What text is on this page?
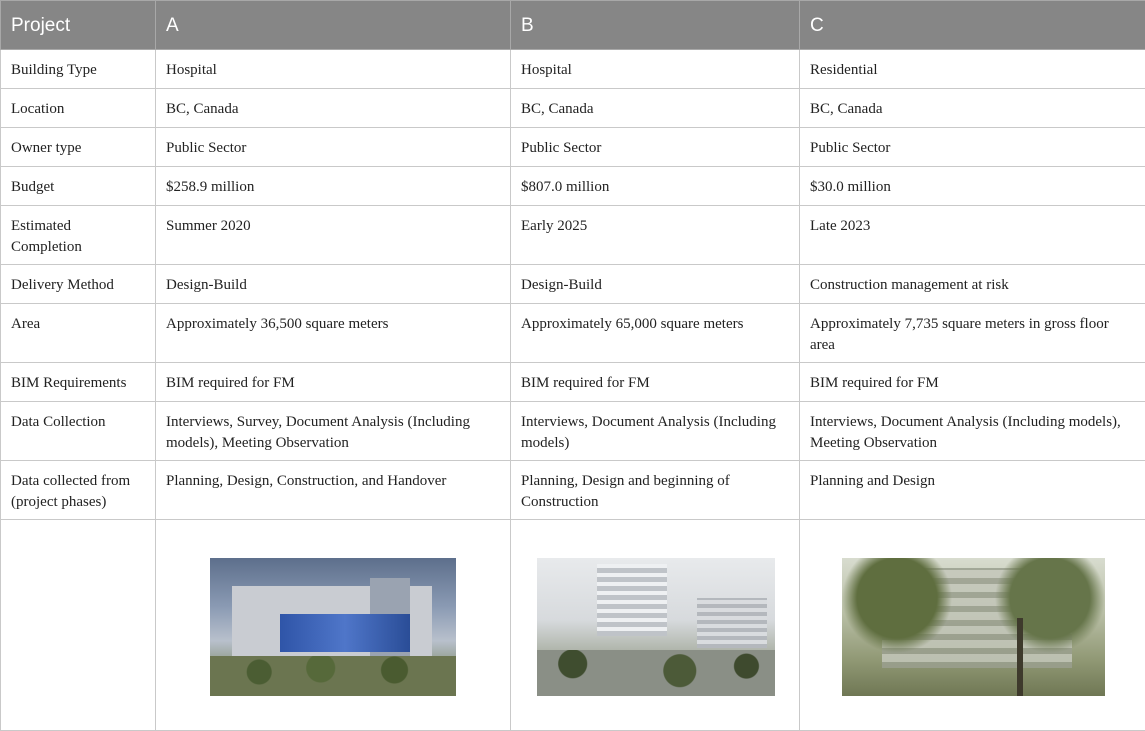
Project	A	B	C
Building Type	Hospital	Hospital	Residential
Location	BC, Canada	BC, Canada	BC, Canada
Owner type	Public Sector	Public Sector	Public Sector
Budget	$258.9 million	$807.0 million	$30.0 million
Estimated Completion	Summer 2020	Early 2025	Late 2023
Delivery Method	Design-Build	Design-Build	Construction management at risk
Area	Approximately 36,500 square meters	Approximately 65,000 square meters	Approximately 7,735 square meters in gross floor area
BIM Requirements	BIM required for FM	BIM required for FM	BIM required for FM
Data Collection	Interviews, Survey, Document Analysis (Including models), Meeting Observation	Interviews, Document Analysis (Including models)	Interviews, Document Analysis (Including models), Meeting Observation
Data collected from (project phases)	Planning, Design, Construction, and Handover	Planning, Design and beginning of Construction	Planning and Design
